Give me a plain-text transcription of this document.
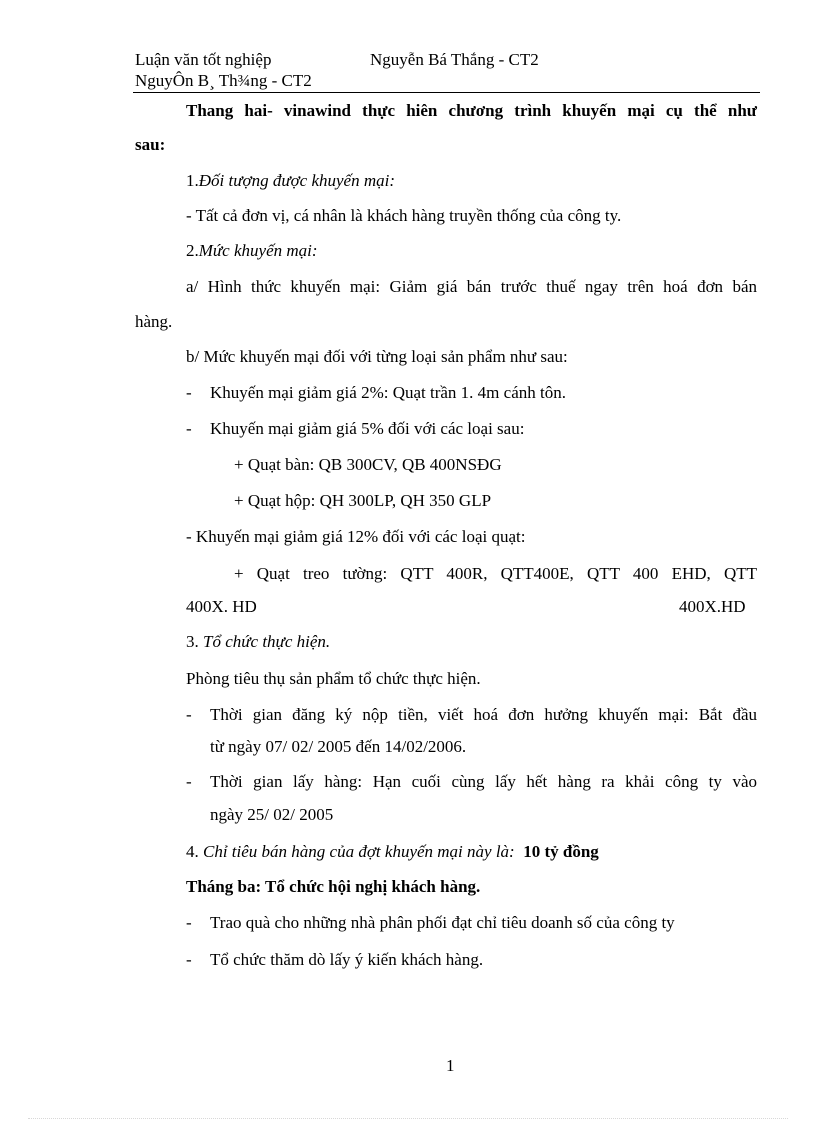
Luận văn tốt nghiệp	Nguyễn Bá Thắng - CT2
NguyÔn B¸ Th¾ng - CT2
Thang hai- vinawind thực hiên chương trình khuyến mại cụ thể như
sau:
1.Đối tượng được khuyến mại:
- Tất cả đơn vị, cá nhân là khách hàng truyền thống của công ty.
2.Mức khuyến mại:
a/ Hình thức khuyến mại: Giảm giá bán trước thuế ngay trên hoá đơn bán
hàng.
b/ Mức khuyến mại đối với từng loại sản phẩm như sau:
- Khuyến mại giảm giá 2%: Quạt trần 1. 4m cánh tôn.
- Khuyến mại giảm giá 5% đối với các loại sau:
+ Quạt bàn: QB 300CV, QB 400NSĐG
+ Quạt hộp: QH 300LP, QH 350 GLP
- Khuyến mại giảm giá 12% đối với các loại quạt:
+ Quạt treo tường: QTT 400R, QTT400E, QTT 400 EHD, QTT
400X. HD	400X.HD
3. Tổ chức thực hiện.
Phòng tiêu thụ sản phẩm tổ chức thực hiện.
- Thời gian đăng ký nộp tiền, viết hoá đơn hưởng khuyến mại: Bắt đầu
từ ngày 07/ 02/ 2005 đến 14/02/2006.
- Thời gian lấy hàng: Hạn cuối cùng lấy hết hàng ra khải công ty vào
ngày 25/ 02/ 2005
4. Chỉ tiêu bán hàng của đợt khuyến mại này là: 10 tỷ đồng
Tháng ba: Tổ chức hội nghị khách hàng.
- Trao quà cho những nhà phân phối đạt chỉ tiêu doanh số của công ty
- Tổ chức thăm dò lấy ý kiến khách hàng.
1
